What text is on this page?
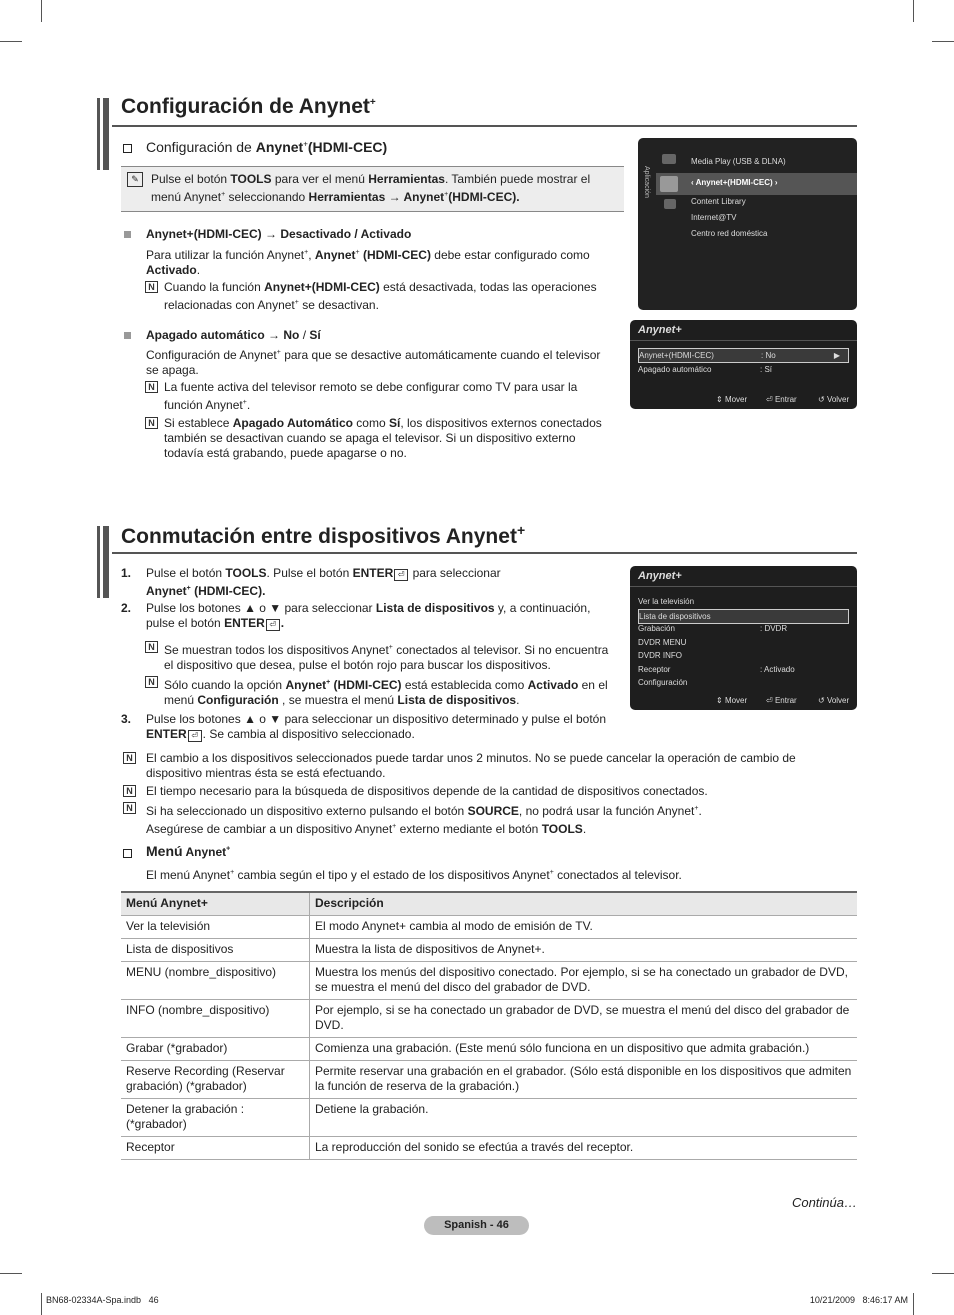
Configuración de Anynet+
Configuración de Anynet+(HDMI-CEC)
✎	Pulse el botón TOOLS para ver el menú Herramientas. También puede mostrar el
menú Anynet+ seleccionando Herramientas → Anynet+(HDMI-CEC).
Anynet+(HDMI-CEC) → Desactivado / Activado
Para utilizar la función Anynet+, Anynet+ (HDMI-CEC) debe estar configurado como
Activado.
N Cuando la función Anynet+(HDMI-CEC) está desactivada, todas las operaciones
relacionadas con Anynet+ se desactivan.
Apagado automático → No / Sí
Configuración de Anynet+ para que se desactive automáticamente cuando el televisor
se apaga.
N La fuente activa del televisor remoto se debe configurar como TV para usar la
función Anynet+.
N Si establece Apagado Automático como Sí, los dispositivos externos conectados
también se desactivan cuando se apaga el televisor. Si un dispositivo externo
todavía está grabando, puede apagarse o no.
Aplicación
Media Play (USB & DLNA)
‹ Anynet+(HDMI-CEC) ›
Content Library
Internet@TV
Centro red doméstica
Anynet+
Anynet+(HDMI-CEC)	: No	▶
Apagado automático	: Sí
⇕ Mover ⏎ Entrar	↺ Volver
Conmutación entre dispositivos Anynet+
1. Pulse el botón TOOLS. Pulse el botón ENTER ⏎ para seleccionar
Anynet+ (HDMI-CEC).
2. Pulse los botones ▲ o ▼ para seleccionar Lista de dispositivos y, a continuación,
pulse el botón ENTER ⏎ .
N Se muestran todos los dispositivos Anynet+ conectados al televisor. Si no encuentra
el dispositivo que desea, pulse el botón rojo para buscar los dispositivos.
N Sólo cuando la opción Anynet+ (HDMI-CEC) está establecida como Activado en el
menú Configuración , se muestra el menú Lista de dispositivos.
3. Pulse los botones ▲ o ▼ para seleccionar un dispositivo determinado y pulse el botón
ENTER ⏎ . Se cambia al dispositivo seleccionado.
N El cambio a los dispositivos seleccionados puede tardar unos 2 minutos. No se puede cancelar la operación de cambio de
dispositivo mientras ésta se está efectuando.
N El tiempo necesario para la búsqueda de dispositivos depende de la cantidad de dispositivos conectados.
N Si ha seleccionado un dispositivo externo pulsando el botón SOURCE, no podrá usar la función Anynet+.
Asegúrese de cambiar a un dispositivo Anynet+ externo mediante el botón TOOLS.
Menú Anynet+
El menú Anynet+ cambia según el tipo y el estado de los dispositivos Anynet+ conectados al televisor.
Anynet+
Ver la televisión
Lista de dispositivos
Grabación	: DVDR
DVDR MENU
DVDR INFO
Receptor	: Activado
Configuración
⇕ Mover ⏎ Entrar	↺ Volver
Menú Anynet+	Descripción
Ver la televisión	El modo Anynet+ cambia al modo de emisión de TV.
Lista de dispositivos	Muestra la lista de dispositivos de Anynet+.
MENU (nombre_dispositivo)	Muestra los menús del dispositivo conectado. Por ejemplo, si se ha conectado un grabador de DVD, se muestra el menú del disco del grabador de DVD.
INFO (nombre_dispositivo)	Por ejemplo, si se ha conectado un grabador de DVD, se muestra el menú del disco del grabador de DVD.
Grabar (*grabador)	Comienza una grabación. (Este menú sólo funciona en un dispositivo que admita grabación.)
Reserve Recording (Reservar grabación) (*grabador)	Permite reservar una grabación en el grabador. (Sólo está disponible en los dispositivos que admiten la función de reserva de la grabación.)
Detener la grabación : (*grabador)	Detiene la grabación.
Receptor	La reproducción del sonido se efectúa a través del receptor.
Continúa…
Spanish - 46
BN68-02334A-Spa.indb   46	10/21/2009   8:46:17 AM
